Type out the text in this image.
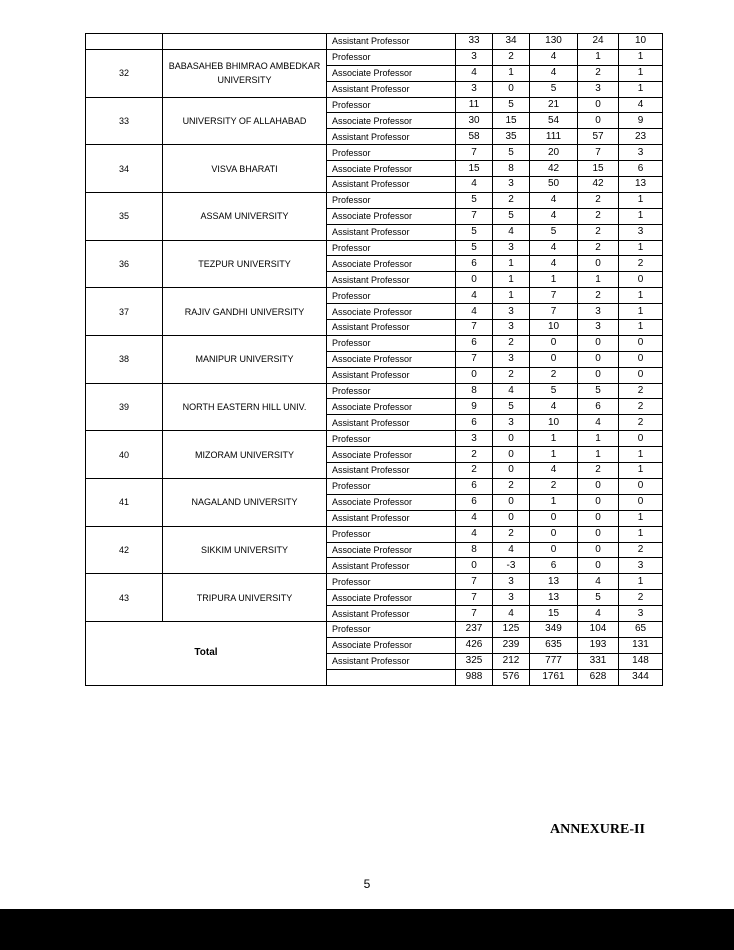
		Assistant Professor	33	34	130	24	10
32	BABASAHEB BHIMRAO AMBEDKAR UNIVERSITY	Professor	3	2	4	1	1
		Associate Professor	4	1	4	2	1
		Assistant Professor	3	0	5	3	1
33	UNIVERSITY OF ALLAHABAD	Professor	11	5	21	0	4
		Associate Professor	30	15	54	0	9
		Assistant Professor	58	35	111	57	23
34	VISVA BHARATI	Professor	7	5	20	7	3
		Associate Professor	15	8	42	15	6
		Assistant Professor	4	3	50	42	13
35	ASSAM UNIVERSITY	Professor	5	2	4	2	1
		Associate Professor	7	5	4	2	1
		Assistant Professor	5	4	5	2	3
36	TEZPUR UNIVERSITY	Professor	5	3	4	2	1
		Associate Professor	6	1	4	0	2
		Assistant Professor	0	1	1	1	0
37	RAJIV GANDHI UNIVERSITY	Professor	4	1	7	2	1
		Associate Professor	4	3	7	3	1
		Assistant Professor	7	3	10	3	1
38	MANIPUR UNIVERSITY	Professor	6	2	0	0	0
		Associate Professor	7	3	0	0	0
		Assistant Professor	0	2	2	0	0
39	NORTH EASTERN HILL UNIV.	Professor	8	4	5	5	2
		Associate Professor	9	5	4	6	2
		Assistant Professor	6	3	10	4	2
40	MIZORAM UNIVERSITY	Professor	3	0	1	1	0
		Associate Professor	2	0	1	1	1
		Assistant Professor	2	0	4	2	1
41	NAGALAND UNIVERSITY	Professor	6	2	2	0	0
		Associate Professor	6	0	1	0	0
		Assistant Professor	4	0	0	0	1
42	SIKKIM UNIVERSITY	Professor	4	2	0	0	1
		Associate Professor	8	4	0	0	2
		Assistant Professor	0	-3	6	0	3
43	TRIPURA UNIVERSITY	Professor	7	3	13	4	1
		Associate Professor	7	3	13	5	2
		Assistant Professor	7	4	15	4	3
Total		Professor	237	125	349	104	65
		Associate Professor	426	239	635	193	131
		Assistant Professor	325	212	777	331	148
			988	576	1761	628	344
ANNEXURE-II
5
